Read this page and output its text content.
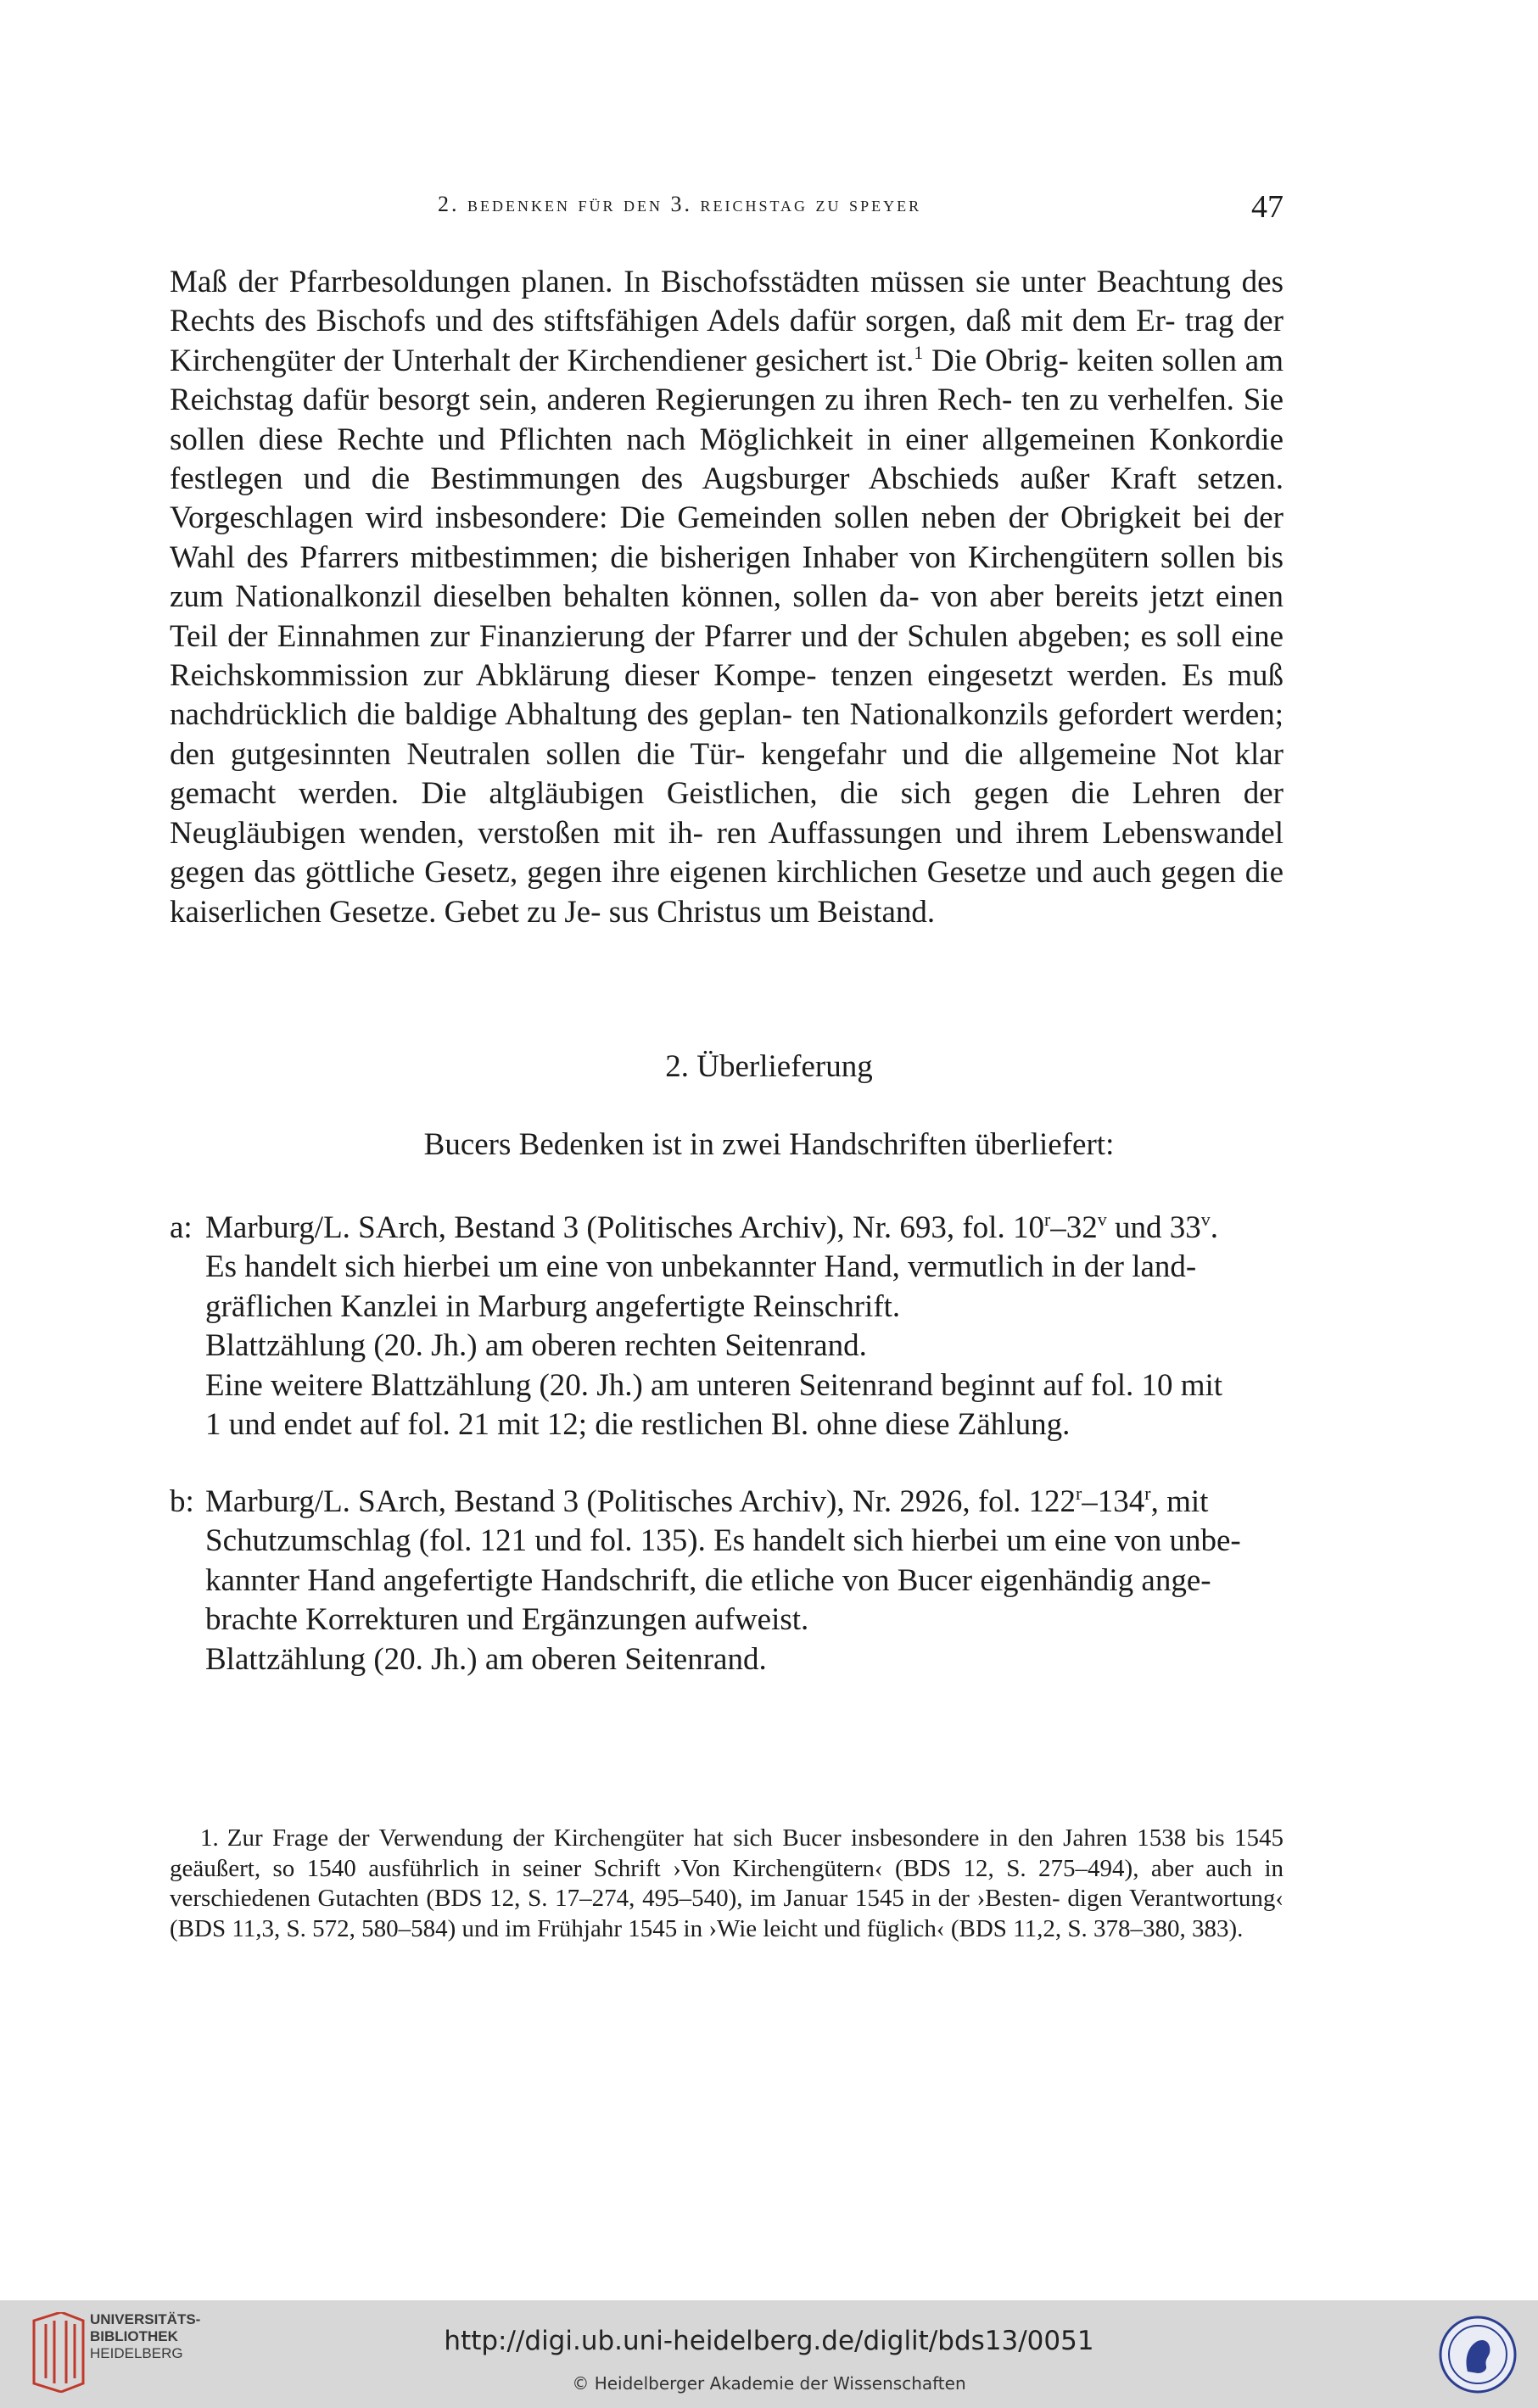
2. bedenken für den 3. reichstag zu speyer	47
Maß der Pfarrbesoldungen planen. In Bischofsstädten müssen sie unter Beachtung des Rechts des Bischofs und des stiftsfähigen Adels dafür sorgen, daß mit dem Er- trag der Kirchengüter der Unterhalt der Kirchendiener gesichert ist.$^1$ Die Obrig- keiten sollen am Reichstag dafür besorgt sein, anderen Regierungen zu ihren Rech- ten zu verhelfen. Sie sollen diese Rechte und Pflichten nach Möglichkeit in einer allgemeinen Konkordie festlegen und die Bestimmungen des Augsburger Abschieds außer Kraft setzen. Vorgeschlagen wird insbesondere: Die Gemeinden sollen neben der Obrigkeit bei der Wahl des Pfarrers mitbestimmen; die bisherigen Inhaber von Kirchengütern sollen bis zum Nationalkonzil dieselben behalten können, sollen da- von aber bereits jetzt einen Teil der Einnahmen zur Finanzierung der Pfarrer und der Schulen abgeben; es soll eine Reichskommission zur Abklärung dieser Kompe- tenzen eingesetzt werden. Es muß nachdrücklich die baldige Abhaltung des geplan- ten Nationalkonzils gefordert werden; den gutgesinnten Neutralen sollen die Tür- kengefahr und die allgemeine Not klar gemacht werden. Die altgläubigen Geistlichen, die sich gegen die Lehren der Neugläubigen wenden, verstoßen mit ih- ren Auffassungen und ihrem Lebenswandel gegen das göttliche Gesetz, gegen ihre eigenen kirchlichen Gesetze und auch gegen die kaiserlichen Gesetze. Gebet zu Je- sus Christus um Beistand.
2. Überlieferung
Bucers Bedenken ist in zwei Handschriften überliefert:
a: Marburg/L. SArch, Bestand 3 (Politisches Archiv), Nr. 693, fol. 10$^r$–32$^v$ und 33$^v$.
Es handelt sich hierbei um eine von unbekannter Hand, vermutlich in der land-
gräflichen Kanzlei in Marburg angefertigte Reinschrift.
Blattzählung (20. Jh.) am oberen rechten Seitenrand.
Eine weitere Blattzählung (20. Jh.) am unteren Seitenrand beginnt auf fol. 10 mit
1 und endet auf fol. 21 mit 12; die restlichen Bl. ohne diese Zählung.
b: Marburg/L. SArch, Bestand 3 (Politisches Archiv), Nr. 2926, fol. 122$^r$–134$^r$, mit
Schutzumschlag (fol. 121 und fol. 135). Es handelt sich hierbei um eine von unbe-
kannter Hand angefertigte Handschrift, die etliche von Bucer eigenhändig ange-
brachte Korrekturen und Ergänzungen aufweist.
Blattzählung (20. Jh.) am oberen Seitenrand.
1. Zur Frage der Verwendung der Kirchengüter hat sich Bucer insbesondere in den Jahren 1538 bis 1545 geäußert, so 1540 ausführlich in seiner Schrift ›Von Kirchengütern‹ (BDS 12, S. 275–494), aber auch in verschiedenen Gutachten (BDS 12, S. 17–274, 495–540), im Januar 1545 in der ›Besten- digen Verantwortung‹ (BDS 11,3, S. 572, 580–584) und im Frühjahr 1545 in ›Wie leicht und füglich‹ (BDS 11,2, S. 378–380, 383).
UNIVERSITÄTS-
BIBLIOTHEK
HEIDELBERG	http://digi.ub.uni-heidelberg.de/diglit/bds13/0051
© Heidelberger Akademie der Wissenschaften
